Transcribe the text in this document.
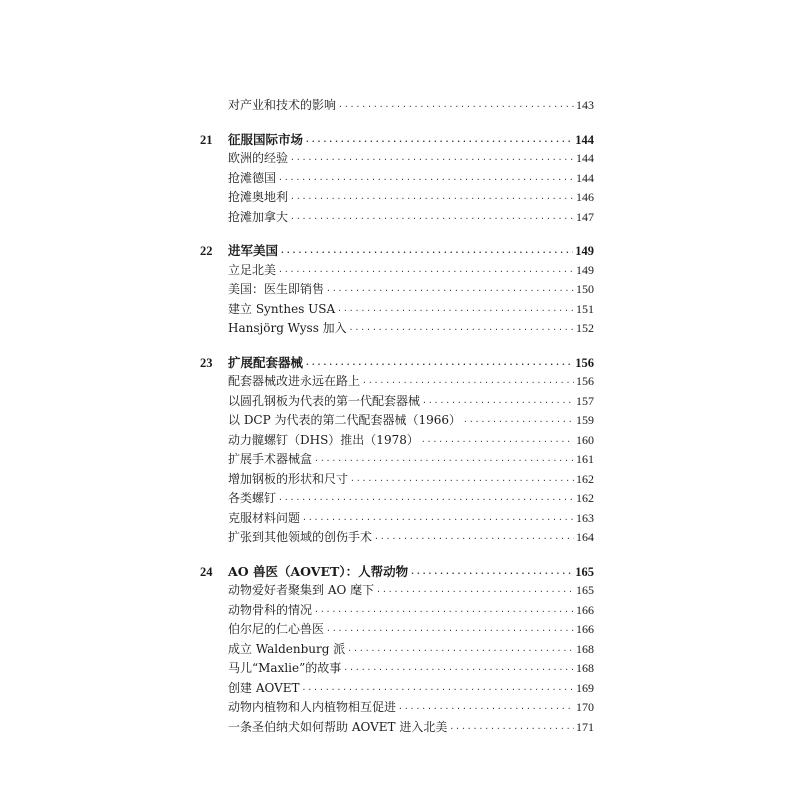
对产业和技术的影响 ·····	143
21	征服国际市场 ·····	144
欧洲的经验 ·····	144
抢滩德国 ·····	144
抢滩奥地利 ·····	146
抢滩加拿大 ·····	147
22	进军美国 ·····	149
立足北美 ·····	149
美国：医生即销售 ·····	150
建立 Synthes USA ·····	151
Hansjörg Wyss 加入 ·····	152
23	扩展配套器械 ·····	156
配套器械改进永远在路上 ·····	156
以圆孔钢板为代表的第一代配套器械 ·····	157
以 DCP 为代表的第二代配套器械（1966） ·····	159
动力髋螺钉（DHS）推出（1978） ·····	160
扩展手术器械盒 ·····	161
增加钢板的形状和尺寸 ·····	162
各类螺钉 ·····	162
克服材料问题 ·····	163
扩张到其他领域的创伤手术 ·····	164
24	AO 兽医（AOVET）：人帮动物 ·····	165
动物爱好者聚集到 AO 麾下 ·····	165
动物骨科的情况 ·····	166
伯尔尼的仁心兽医 ·····	166
成立 Waldenburg 派 ·····	168
马儿“Maxlie”的故事 ·····	168
创建 AOVET ·····	169
动物内植物和人内植物相互促进 ·····	170
一条圣伯纳犬如何帮助 AOVET 进入北美 ·····	171
